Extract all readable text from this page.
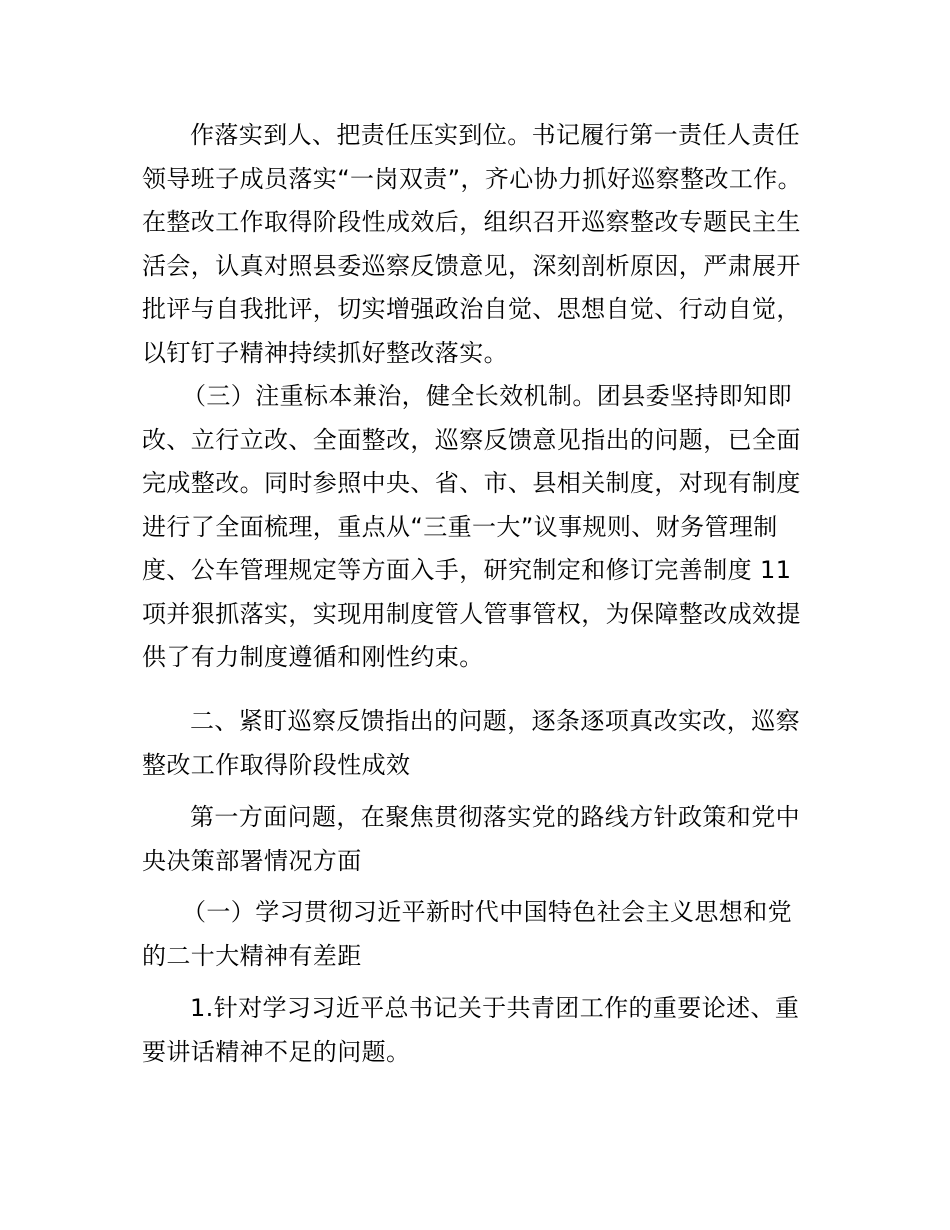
作落实到人、把责任压实到位。书记履行第一责任人责任
领导班子成员落实“一岗双责”，齐心协力抓好巡察整改工作。
在整改工作取得阶段性成效后，组织召开巡察整改专题民主生
活会，认真对照县委巡察反馈意见，深刻剖析原因，严肃展开
批评与自我批评，切实增强政治自觉、思想自觉、行动自觉，
以钉钉子精神持续抓好整改落实。

（三）注重标本兼治，健全长效机制。团县委坚持即知即
改、立行立改、全面整改，巡察反馈意见指出的问题，已全面
完成整改。同时参照中央、省、市、县相关制度，对现有制度
进行了全面梳理，重点从“三重一大”议事规则、财务管理制
度、公车管理规定等方面入手，研究制定和修订完善制度 11
项并狠抓落实，实现用制度管人管事管权，为保障整改成效提
供了有力制度遵循和刚性约束。

二、紧盯巡察反馈指出的问题，逐条逐项真改实改，巡察
整改工作取得阶段性成效

第一方面问题，在聚焦贯彻落实党的路线方针政策和党中
央决策部署情况方面

（一）学习贯彻习近平新时代中国特色社会主义思想和党
的二十大精神有差距

1.针对学习习近平总书记关于共青团工作的重要论述、重
要讲话精神不足的问题。
